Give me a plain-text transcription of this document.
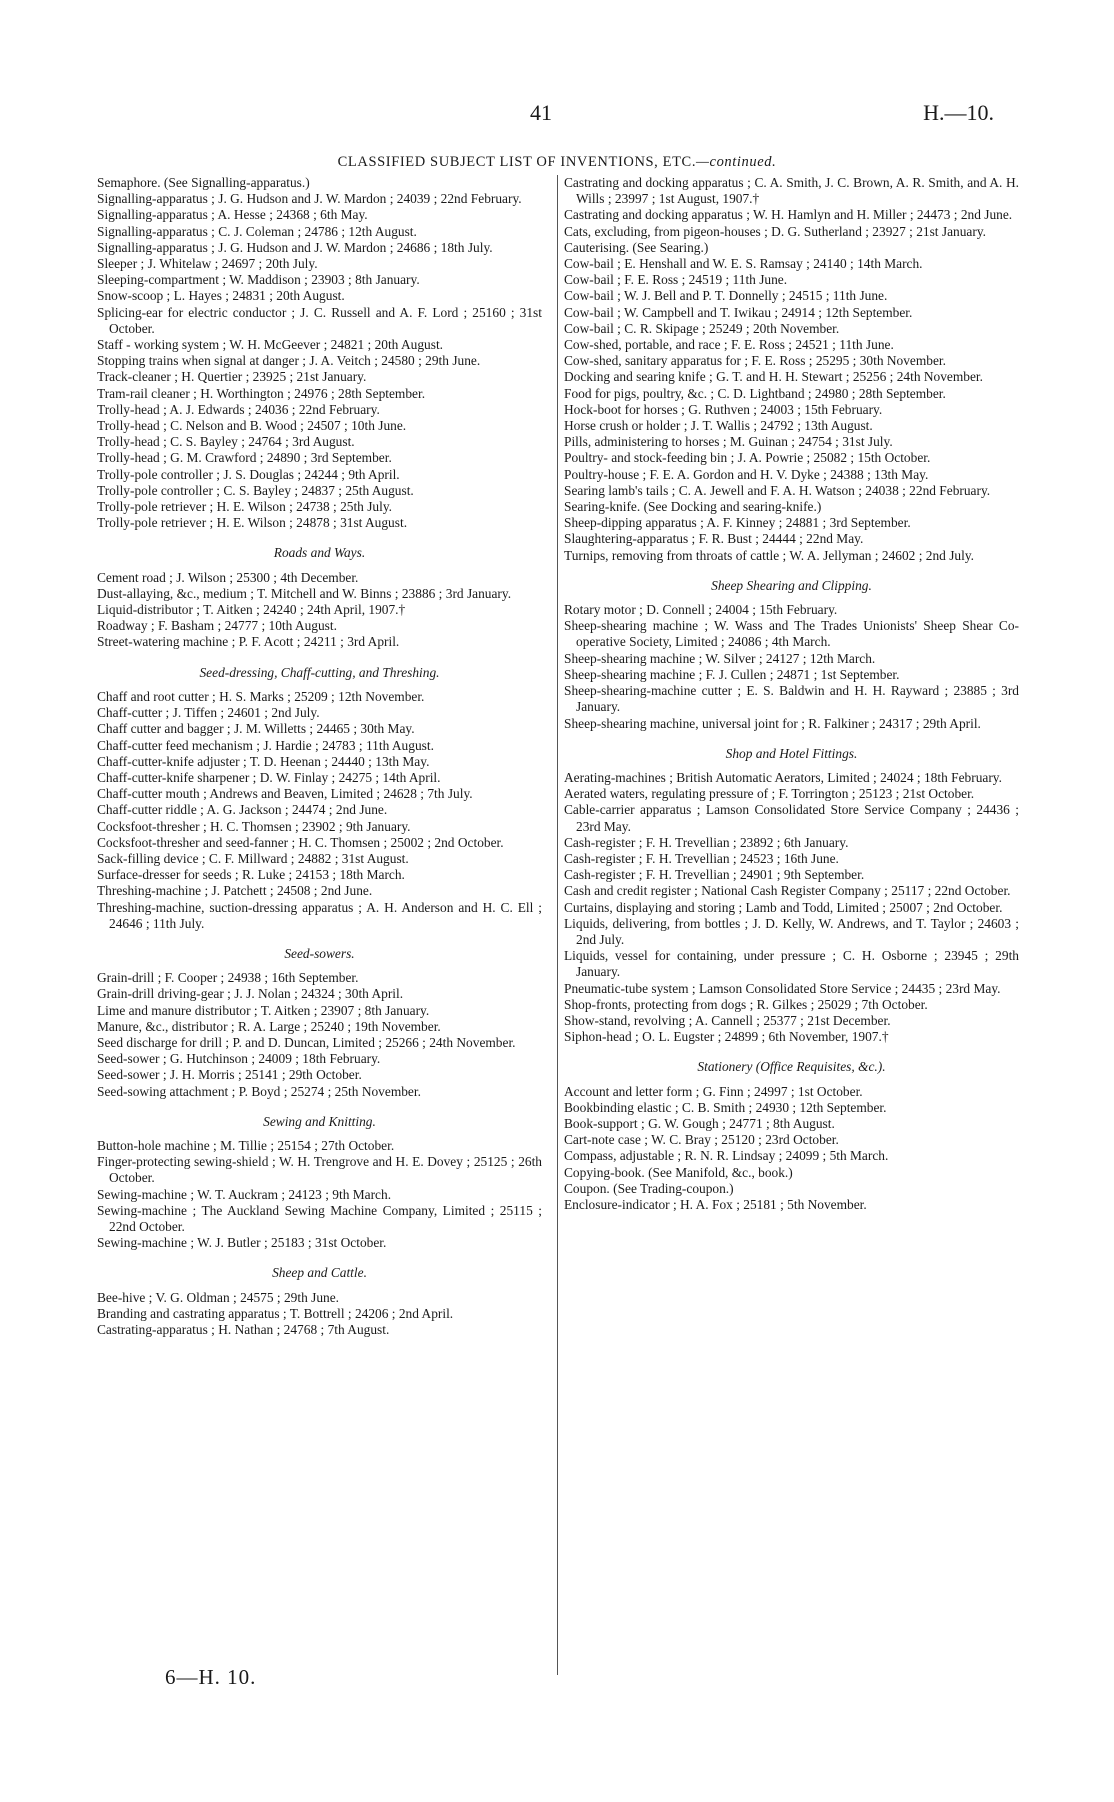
41	H.—10.
CLASSIFIED SUBJECT LIST OF INVENTIONS, ETC.—continued.

Semaphore. (See Signalling-apparatus.)

Signalling-apparatus ; J. G. Hudson and J. W. Mardon ; 24039 ; 22nd February.

Signalling-apparatus ; A. Hesse ; 24368 ; 6th May.

Signalling-apparatus ; C. J. Coleman ; 24786 ; 12th August.

Signalling-apparatus ; J. G. Hudson and J. W. Mardon ; 24686 ; 18th July.

Sleeper ; J. Whitelaw ; 24697 ; 20th July.

Sleeping-compartment ; W. Maddison ; 23903 ; 8th January.

Snow-scoop ; L. Hayes ; 24831 ; 20th August.

Splicing-ear for electric conductor ; J. C. Russell and A. F. Lord ; 25160 ; 31st October.

Staff - working system ; W. H. McGeever ; 24821 ; 20th August.

Stopping trains when signal at danger ; J. A. Veitch ; 24580 ; 29th June.

Track-cleaner ; H. Quertier ; 23925 ; 21st January.

Tram-rail cleaner ; H. Worthington ; 24976 ; 28th September.

Trolly-head ; A. J. Edwards ; 24036 ; 22nd February.

Trolly-head ; C. Nelson and B. Wood ; 24507 ; 10th June.

Trolly-head ; C. S. Bayley ; 24764 ; 3rd August.

Trolly-head ; G. M. Crawford ; 24890 ; 3rd September.

Trolly-pole controller ; J. S. Douglas ; 24244 ; 9th April.

Trolly-pole controller ; C. S. Bayley ; 24837 ; 25th August.

Trolly-pole retriever ; H. E. Wilson ; 24738 ; 25th July.

Trolly-pole retriever ; H. E. Wilson ; 24878 ; 31st August.

Roads and Ways.

Cement road ; J. Wilson ; 25300 ; 4th December.

Dust-allaying, &c., medium ; T. Mitchell and W. Binns ; 23886 ; 3rd January.

Liquid-distributor ; T. Aitken ; 24240 ; 24th April, 1907.†

Roadway ; F. Basham ; 24777 ; 10th August.

Street-watering machine ; P. F. Acott ; 24211 ; 3rd April.

Seed-dressing, Chaff-cutting, and Threshing.

Chaff and root cutter ; H. S. Marks ; 25209 ; 12th November.

Chaff-cutter ; J. Tiffen ; 24601 ; 2nd July.

Chaff cutter and bagger ; J. M. Willetts ; 24465 ; 30th May.

Chaff-cutter feed mechanism ; J. Hardie ; 24783 ; 11th August.

Chaff-cutter-knife adjuster ; T. D. Heenan ; 24440 ; 13th May.

Chaff-cutter-knife sharpener ; D. W. Finlay ; 24275 ; 14th April.

Chaff-cutter mouth ; Andrews and Beaven, Limited ; 24628 ; 7th July.

Chaff-cutter riddle ; A. G. Jackson ; 24474 ; 2nd June.

Cocksfoot-thresher ; H. C. Thomsen ; 23902 ; 9th January.

Cocksfoot-thresher and seed-fanner ; H. C. Thomsen ; 25002 ; 2nd October.

Sack-filling device ; C. F. Millward ; 24882 ; 31st August.

Surface-dresser for seeds ; R. Luke ; 24153 ; 18th March.

Threshing-machine ; J. Patchett ; 24508 ; 2nd June.

Threshing-machine, suction-dressing apparatus ; A. H. Anderson and H. C. Ell ; 24646 ; 11th July.

Seed-sowers.

Grain-drill ; F. Cooper ; 24938 ; 16th September.

Grain-drill driving-gear ; J. J. Nolan ; 24324 ; 30th April.

Lime and manure distributor ; T. Aitken ; 23907 ; 8th January.

Manure, &c., distributor ; R. A. Large ; 25240 ; 19th November.

Seed discharge for drill ; P. and D. Duncan, Limited ; 25266 ; 24th November.

Seed-sower ; G. Hutchinson ; 24009 ; 18th February.

Seed-sower ; J. H. Morris ; 25141 ; 29th October.

Seed-sowing attachment ; P. Boyd ; 25274 ; 25th November.

Sewing and Knitting.

Button-hole machine ; M. Tillie ; 25154 ; 27th October.

Finger-protecting sewing-shield ; W. H. Trengrove and H. E. Dovey ; 25125 ; 26th October.

Sewing-machine ; W. T. Auckram ; 24123 ; 9th March.

Sewing-machine ; The Auckland Sewing Machine Company, Limited ; 25115 ; 22nd October.

Sewing-machine ; W. J. Butler ; 25183 ; 31st October.

Sheep and Cattle.

Bee-hive ; V. G. Oldman ; 24575 ; 29th June.

Branding and castrating apparatus ; T. Bottrell ; 24206 ; 2nd April.

Castrating-apparatus ; H. Nathan ; 24768 ; 7th August.

Castrating and docking apparatus ; C. A. Smith, J. C. Brown, A. R. Smith, and A. H. Wills ; 23997 ; 1st August, 1907.†

Castrating and docking apparatus ; W. H. Hamlyn and H. Miller ; 24473 ; 2nd June.

Cats, excluding, from pigeon-houses ; D. G. Sutherland ; 23927 ; 21st January.

Cauterising. (See Searing.)

Cow-bail ; E. Henshall and W. E. S. Ramsay ; 24140 ; 14th March.

Cow-bail ; F. E. Ross ; 24519 ; 11th June.

Cow-bail ; W. J. Bell and P. T. Donnelly ; 24515 ; 11th June.

Cow-bail ; W. Campbell and T. Iwikau ; 24914 ; 12th September.

Cow-bail ; C. R. Skipage ; 25249 ; 20th November.

Cow-shed, portable, and race ; F. E. Ross ; 24521 ; 11th June.

Cow-shed, sanitary apparatus for ; F. E. Ross ; 25295 ; 30th November.

Docking and searing knife ; G. T. and H. H. Stewart ; 25256 ; 24th November.

Food for pigs, poultry, &c. ; C. D. Lightband ; 24980 ; 28th September.

Hock-boot for horses ; G. Ruthven ; 24003 ; 15th February.

Horse crush or holder ; J. T. Wallis ; 24792 ; 13th August.

Pills, administering to horses ; M. Guinan ; 24754 ; 31st July.

Poultry- and stock-feeding bin ; J. A. Powrie ; 25082 ; 15th October.

Poultry-house ; F. E. A. Gordon and H. V. Dyke ; 24388 ; 13th May.

Searing lamb's tails ; C. A. Jewell and F. A. H. Watson ; 24038 ; 22nd February.

Searing-knife. (See Docking and searing-knife.)

Sheep-dipping apparatus ; A. F. Kinney ; 24881 ; 3rd September.

Slaughtering-apparatus ; F. R. Bust ; 24444 ; 22nd May.

Turnips, removing from throats of cattle ; W. A. Jellyman ; 24602 ; 2nd July.

Sheep Shearing and Clipping.

Rotary motor ; D. Connell ; 24004 ; 15th February.

Sheep-shearing machine ; W. Wass and The Trades Unionists' Sheep Shear Co-operative Society, Limited ; 24086 ; 4th March.

Sheep-shearing machine ; W. Silver ; 24127 ; 12th March.

Sheep-shearing machine ; F. J. Cullen ; 24871 ; 1st September.

Sheep-shearing-machine cutter ; E. S. Baldwin and H. H. Rayward ; 23885 ; 3rd January.

Sheep-shearing machine, universal joint for ; R. Falkiner ; 24317 ; 29th April.

Shop and Hotel Fittings.

Aerating-machines ; British Automatic Aerators, Limited ; 24024 ; 18th February.

Aerated waters, regulating pressure of ; F. Torrington ; 25123 ; 21st October.

Cable-carrier apparatus ; Lamson Consolidated Store Service Company ; 24436 ; 23rd May.

Cash-register ; F. H. Trevellian ; 23892 ; 6th January.

Cash-register ; F. H. Trevellian ; 24523 ; 16th June.

Cash-register ; F. H. Trevellian ; 24901 ; 9th September.

Cash and credit register ; National Cash Register Company ; 25117 ; 22nd October.

Curtains, displaying and storing ; Lamb and Todd, Limited ; 25007 ; 2nd October.

Liquids, delivering, from bottles ; J. D. Kelly, W. Andrews, and T. Taylor ; 24603 ; 2nd July.

Liquids, vessel for containing, under pressure ; C. H. Osborne ; 23945 ; 29th January.

Pneumatic-tube system ; Lamson Consolidated Store Service ; 24435 ; 23rd May.

Shop-fronts, protecting from dogs ; R. Gilkes ; 25029 ; 7th October.

Show-stand, revolving ; A. Cannell ; 25377 ; 21st December.

Siphon-head ; O. L. Eugster ; 24899 ; 6th November, 1907.†

Stationery (Office Requisites, &c.).

Account and letter form ; G. Finn ; 24997 ; 1st October.

Bookbinding elastic ; C. B. Smith ; 24930 ; 12th September.

Book-support ; G. W. Gough ; 24771 ; 8th August.

Cart-note case ; W. C. Bray ; 25120 ; 23rd October.

Compass, adjustable ; R. N. R. Lindsay ; 24099 ; 5th March.

Copying-book. (See Manifold, &c., book.)

Coupon. (See Trading-coupon.)

Enclosure-indicator ; H. A. Fox ; 25181 ; 5th November.

6—H. 10.
